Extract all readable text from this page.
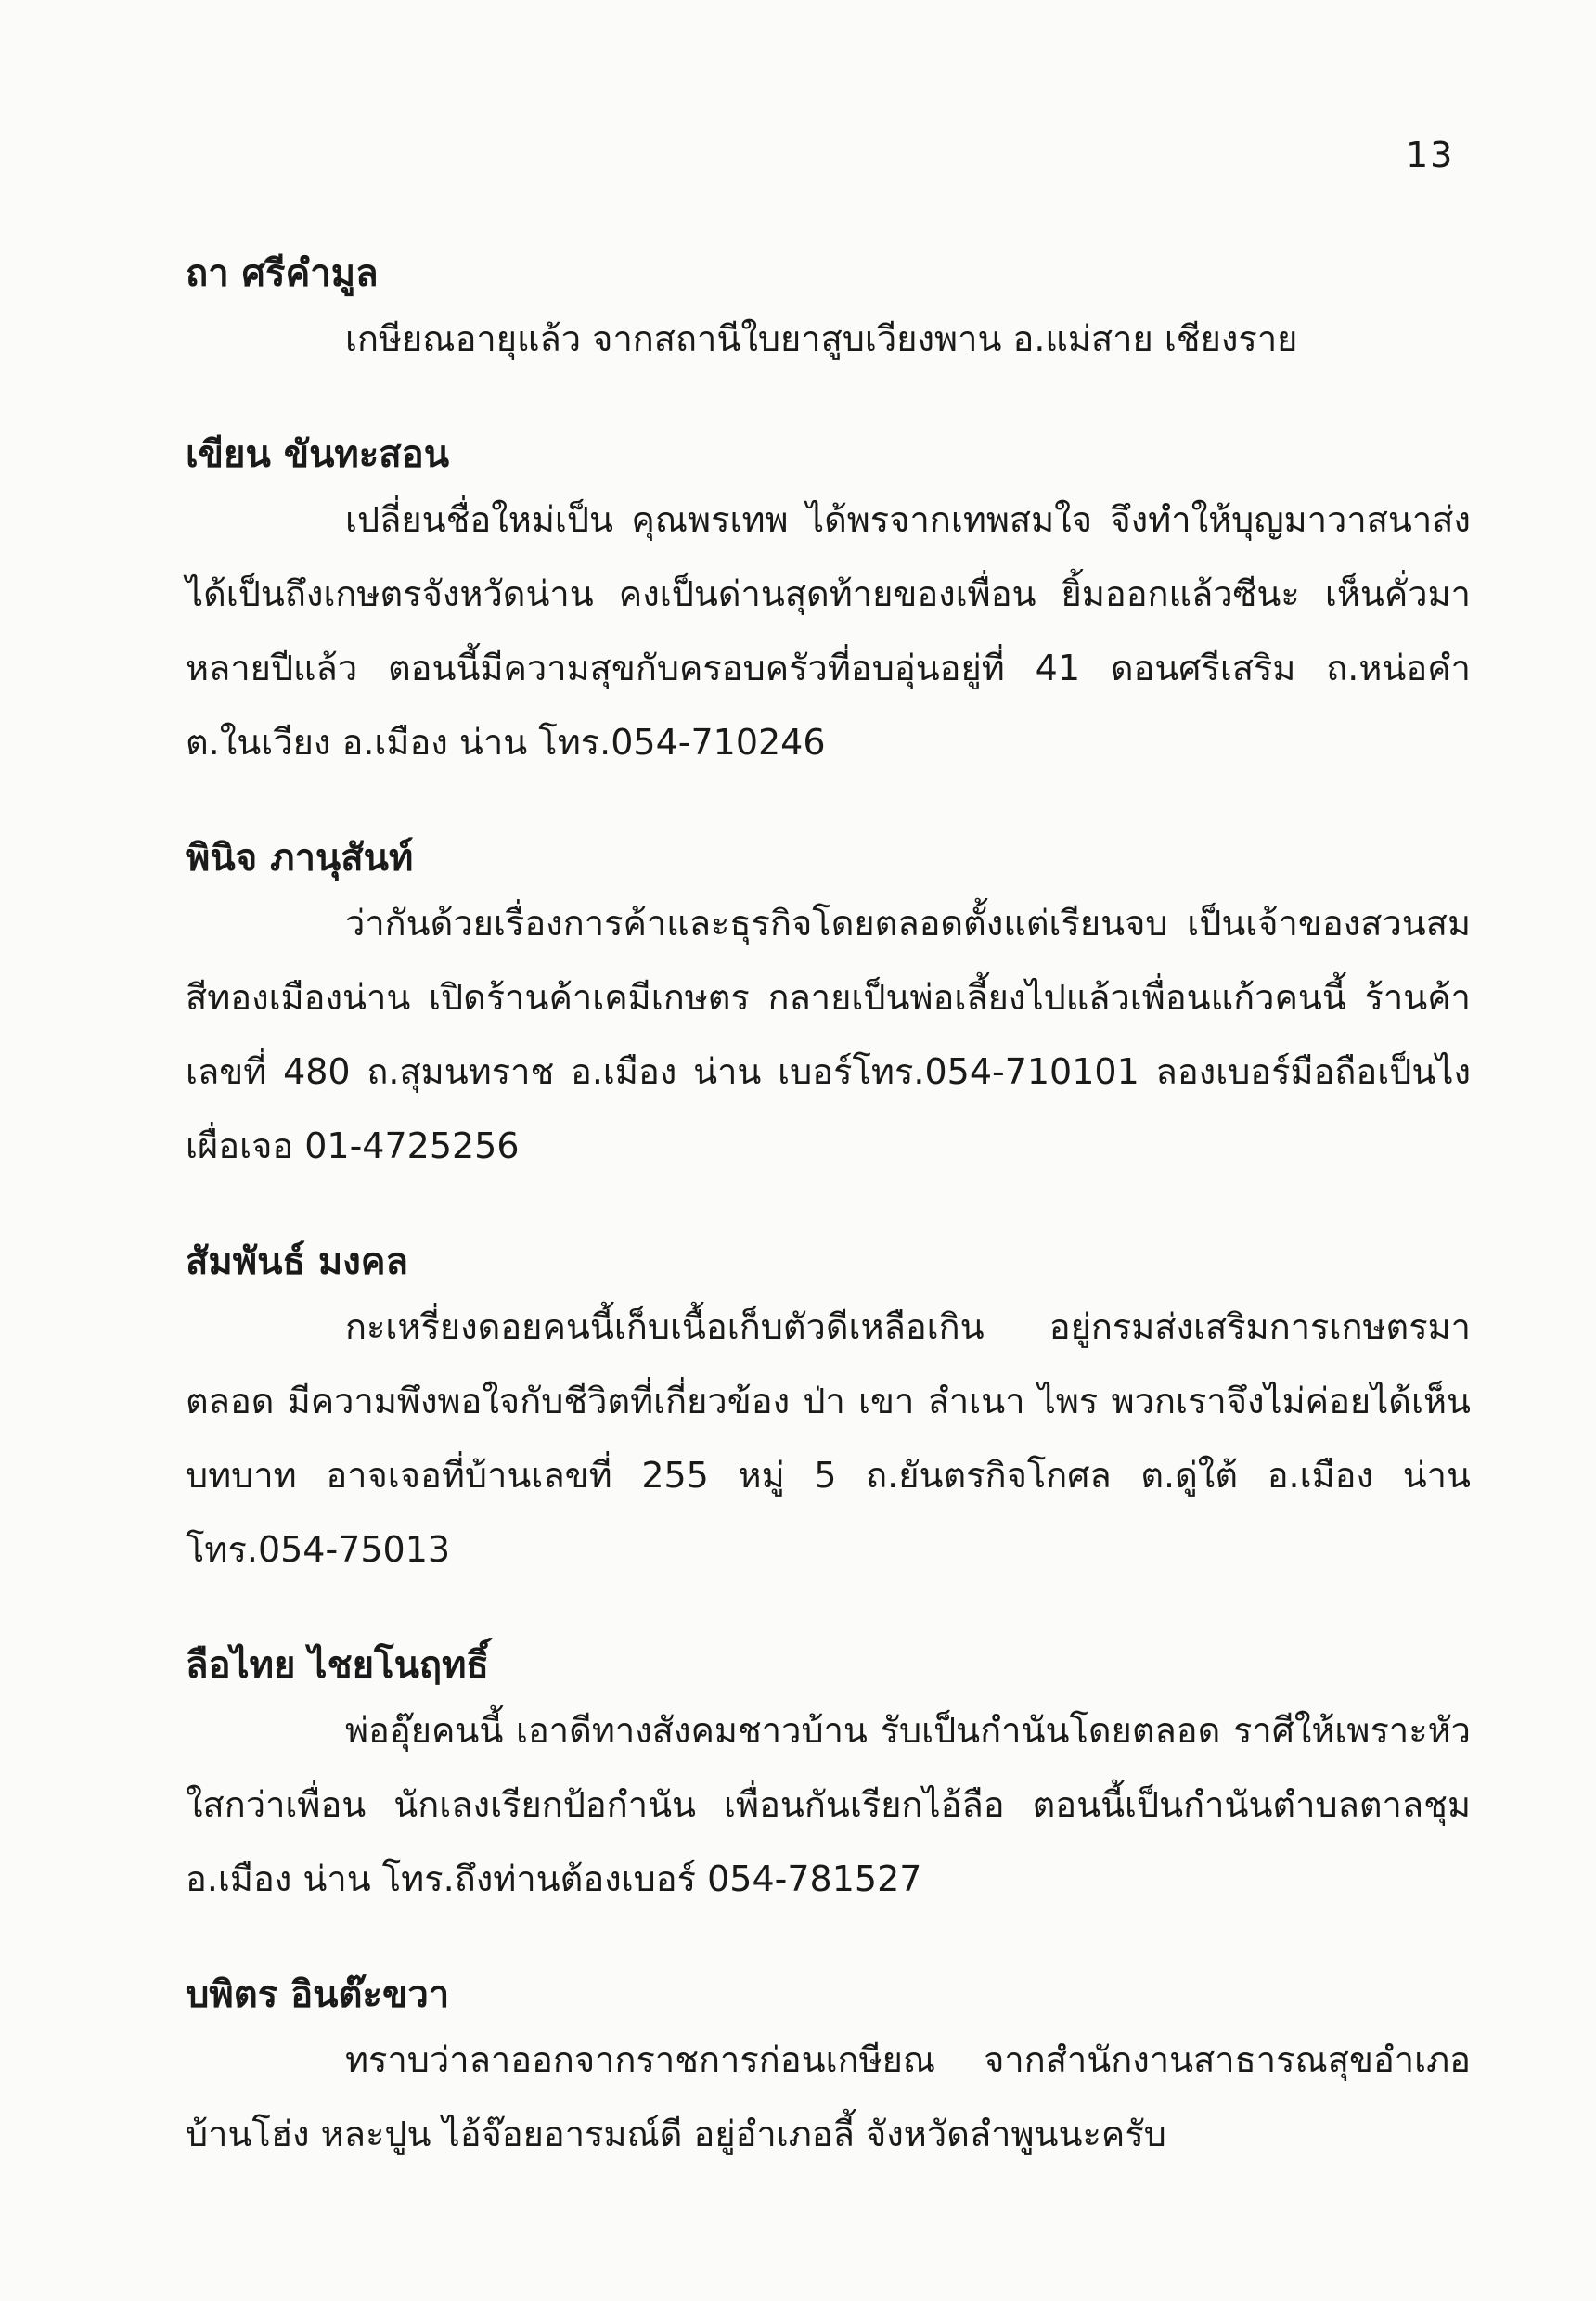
13

ถา ศรีคำมูล

เกษียณอายุแล้ว จากสถานีใบยาสูบเวียงพาน อ.แม่สาย เชียงราย

เขียน ขันทะสอน

เปลี่ยนชื่อใหม่เป็น คุณพรเทพ ได้พรจากเทพสมใจ จึงทำให้บุญมาวาสนาส่ง ได้เป็นถึงเกษตรจังหวัดน่าน คงเป็นด่านสุดท้ายของเพื่อน ยิ้มออกแล้วซีนะ เห็นคั่วมาหลายปีแล้ว ตอนนี้มีความสุขกับครอบครัวที่อบอุ่นอยู่ที่ 41 ดอนศรีเสริม ถ.หน่อคำ ต.ในเวียง อ.เมือง น่าน โทร.054-710246

พินิจ ภานุสันท์

ว่ากันด้วยเรื่องการค้าและธุรกิจโดยตลอดตั้งแต่เรียนจบ เป็นเจ้าของสวนสมสีทองเมืองน่าน เปิดร้านค้าเคมีเกษตร กลายเป็นพ่อเลี้ยงไปแล้วเพื่อนแก้วคนนี้ ร้านค้าเลขที่ 480 ถ.สุมนทราช อ.เมือง น่าน เบอร์โทร.054-710101 ลองเบอร์มือถือเป็นไงเผื่อเจอ 01-4725256

สัมพันธ์ มงคล

กะเหรี่ยงดอยคนนี้เก็บเนื้อเก็บตัวดีเหลือเกิน อยู่กรมส่งเสริมการเกษตรมา ตลอด มีความพึงพอใจกับชีวิตที่เกี่ยวข้อง ป่า เขา ลำเนา ไพร พวกเราจึงไม่ค่อยได้เห็นบทบาท อาจเจอที่บ้านเลขที่ 255 หมู่ 5 ถ.ยันตรกิจโกศล ต.ดู่ใต้ อ.เมือง น่าน โทร.054-75013

ลือไทย ไชยโนฤทธิ์

พ่ออุ๊ยคนนี้ เอาดีทางสังคมชาวบ้าน รับเป็นกำนันโดยตลอด ราศีให้เพราะหัวใสกว่าเพื่อน นักเลงเรียกป้อกำนัน เพื่อนกันเรียกไอ้ลือ ตอนนี้เป็นกำนันตำบลตาลชุม อ.เมือง น่าน โทร.ถึงท่านต้องเบอร์ 054-781527

บพิตร อินต๊ะขวา

ทราบว่าลาออกจากราชการก่อนเกษียณ จากสำนักงานสาธารณสุขอำเภอบ้านโฮ่ง หละปูน ไอ้จ๊อยอารมณ์ดี อยู่อำเภอลี้ จังหวัดลำพูนนะครับ
